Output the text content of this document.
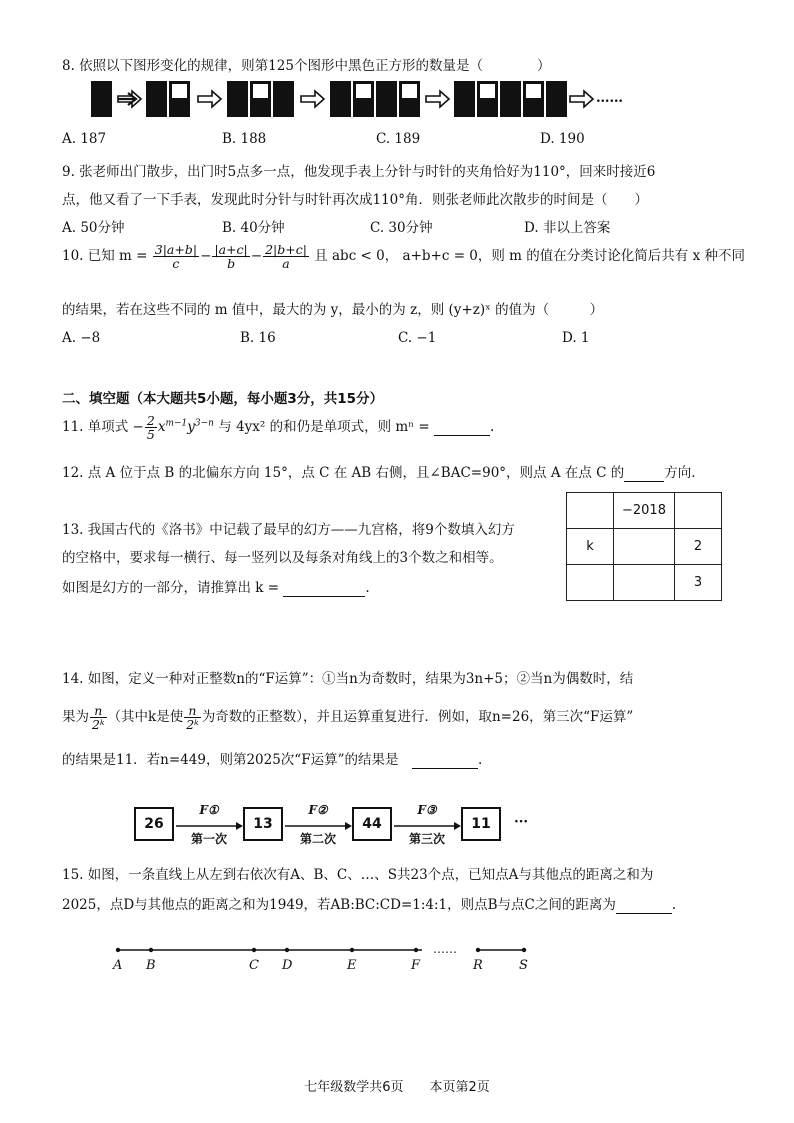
8. 依照以下图形变化的规律，则第125个图形中黑色正方形的数量是（　　　　）
……
A. 187	B. 188	C. 189	D. 190
9. 张老师出门散步，出门时5点多一点，他发现手表上分针与时针的夹角恰好为110°，回来时接近6
点，他又看了一下手表，发现此时分针与时针再次成110°角．则张老师此次散步的时间是（　　）
A. 50分钟	B. 40分钟	C. 30分钟	D. 非以上答案
10. 已知 $m = \frac{3|a+b|}{c} - \frac{|a+c|}{b} - \frac{2|b+c|}{a}$ 且 abc < 0， a+b+c = 0，则 m 的值在分类讨论化简后共有 x 种不同
的结果，若在这些不同的 m 值中，最大的为 y，最小的为 z，则 (y+z)ˣ 的值为（　　　）
A. −8	B. 16	C. −1	D. 1
二、填空题（本大题共5小题，每小题3分，共15分）
11. 单项式 − $\frac{2}{5} x^{m-1}y^{3-n}$ 与 4yx² 的和仍是单项式，则 mⁿ =	.
12. 点 A 位于点 B 的北偏东方向 15°，点 C 在 AB 右侧，且∠BAC=90°，则点 A 在点 C 的	方向.
13. 我国古代的《洛书》中记载了最早的幻方——九宫格，将9个数填入幻方
的空格中，要求每一横行、每一竖列以及每条对角线上的3个数之和相等。
如图是幻方的一部分，请推算出 k =	.
	−2018	
k		2
		3
14. 如图，定义一种对正整数n的“F运算”：①当n为奇数时，结果为3n+5；②当n为偶数时，结
果为 $\frac{n}{\text{2ᵏ}}$ （其中k是使 $\frac{n}{\text{2ᵏ}}$ 为奇数的正整数），并且运算重复进行．例如，取n=26，第三次“F运算”
的结果是11．若n=449，则第2025次“F运算”的结果是　	.
26	13	44	11
F①	F②	F③
第一次	第二次	第三次
···
15. 如图，一条直线上从左到右依次有A、B、C、…、S共23个点，已知点A与其他点的距离之和为
2025，点D与其他点的距离之和为1949，若AB:BC:CD=1:4:1，则点B与点C之间的距离为	.
……
A B	C D	E	F	R	S
七年级数学共6页　　本页第2页
